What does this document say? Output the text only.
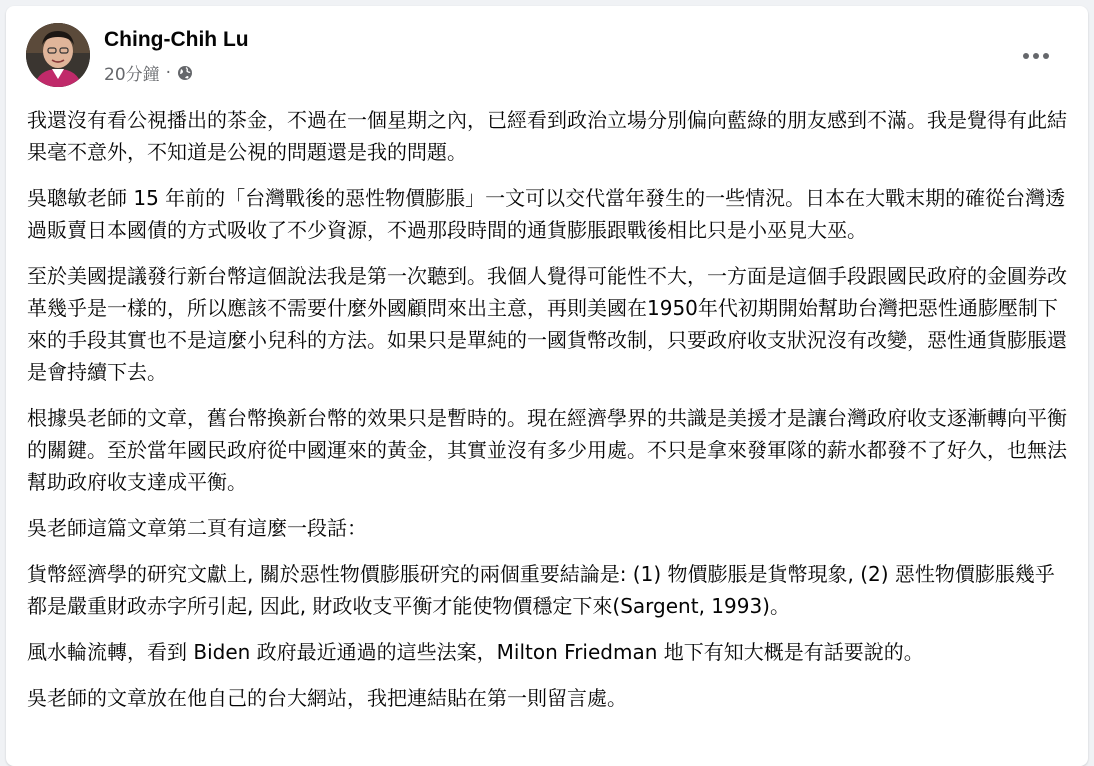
Ching-Chih Lu
20分鐘 ·

我還沒有看公視播出的茶金，不過在一個星期之內，已經看到政治立場分別偏向藍綠的朋友感到不滿。我是覺得有此結果毫不意外，不知道是公視的問題還是我的問題。

吳聰敏老師 15 年前的「台灣戰後的惡性物價膨脹」一文可以交代當年發生的一些情況。日本在大戰末期的確從台灣透過販賣日本國債的方式吸收了不少資源，不過那段時間的通貨膨脹跟戰後相比只是小巫見大巫。

至於美國提議發行新台幣這個說法我是第一次聽到。我個人覺得可能性不大，一方面是這個手段跟國民政府的金圓券改革幾乎是一樣的，所以應該不需要什麼外國顧問來出主意，再則美國在1950年代初期開始幫助台灣把惡性通膨壓制下來的手段其實也不是這麼小兒科的方法。如果只是單純的一國貨幣改制，只要政府收支狀況沒有改變，惡性通貨膨脹還是會持續下去。

根據吳老師的文章，舊台幣換新台幣的效果只是暫時的。現在經濟學界的共識是美援才是讓台灣政府收支逐漸轉向平衡的關鍵。至於當年國民政府從中國運來的黃金，其實並沒有多少用處。不只是拿來發軍隊的薪水都發不了好久，也無法幫助政府收支達成平衡。

吳老師這篇文章第二頁有這麼一段話：

貨幣經濟學的研究文獻上, 關於惡性物價膨脹研究的兩個重要結論是: (1) 物價膨脹是貨幣現象, (2) 惡性物價膨脹幾乎都是嚴重財政赤字所引起, 因此, 財政收支平衡才能使物價穩定下來(Sargent, 1993)。

風水輪流轉，看到 Biden 政府最近通過的這些法案，Milton Friedman 地下有知大概是有話要說的。

吳老師的文章放在他自己的台大網站，我把連結貼在第一則留言處。
